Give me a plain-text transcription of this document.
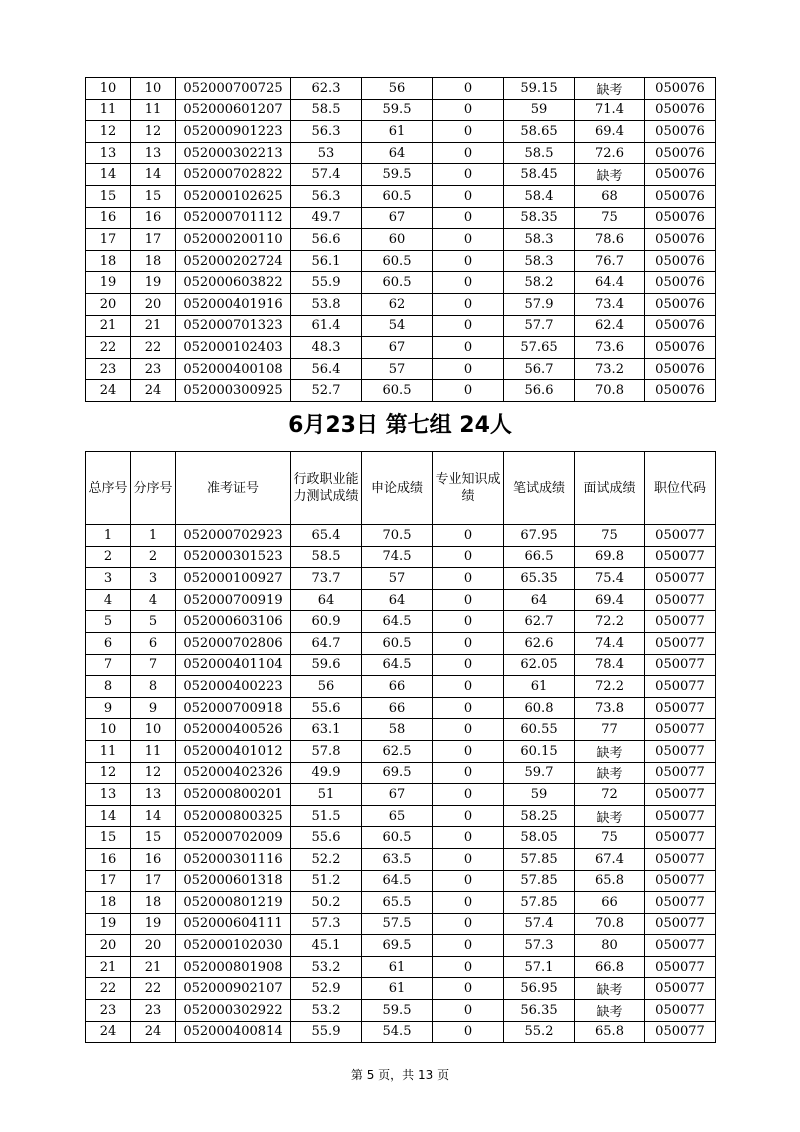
10	10	052000700725	62.3	56	0	59.15	缺考	050076
11	11	052000601207	58.5	59.5	0	59	71.4	050076
12	12	052000901223	56.3	61	0	58.65	69.4	050076
13	13	052000302213	53	64	0	58.5	72.6	050076
14	14	052000702822	57.4	59.5	0	58.45	缺考	050076
15	15	052000102625	56.3	60.5	0	58.4	68	050076
16	16	052000701112	49.7	67	0	58.35	75	050076
17	17	052000200110	56.6	60	0	58.3	78.6	050076
18	18	052000202724	56.1	60.5	0	58.3	76.7	050076
19	19	052000603822	55.9	60.5	0	58.2	64.4	050076
20	20	052000401916	53.8	62	0	57.9	73.4	050076
21	21	052000701323	61.4	54	0	57.7	62.4	050076
22	22	052000102403	48.3	67	0	57.65	73.6	050076
23	23	052000400108	56.4	57	0	56.7	73.2	050076
24	24	052000300925	52.7	60.5	0	56.6	70.8	050076
6月23日 第七组 24人
总序号	分序号	准考证号	行政职业能力测试成绩	申论成绩	专业知识成绩	笔试成绩	面试成绩	职位代码
1	1	052000702923	65.4	70.5	0	67.95	75	050077
2	2	052000301523	58.5	74.5	0	66.5	69.8	050077
3	3	052000100927	73.7	57	0	65.35	75.4	050077
4	4	052000700919	64	64	0	64	69.4	050077
5	5	052000603106	60.9	64.5	0	62.7	72.2	050077
6	6	052000702806	64.7	60.5	0	62.6	74.4	050077
7	7	052000401104	59.6	64.5	0	62.05	78.4	050077
8	8	052000400223	56	66	0	61	72.2	050077
9	9	052000700918	55.6	66	0	60.8	73.8	050077
10	10	052000400526	63.1	58	0	60.55	77	050077
11	11	052000401012	57.8	62.5	0	60.15	缺考	050077
12	12	052000402326	49.9	69.5	0	59.7	缺考	050077
13	13	052000800201	51	67	0	59	72	050077
14	14	052000800325	51.5	65	0	58.25	缺考	050077
15	15	052000702009	55.6	60.5	0	58.05	75	050077
16	16	052000301116	52.2	63.5	0	57.85	67.4	050077
17	17	052000601318	51.2	64.5	0	57.85	65.8	050077
18	18	052000801219	50.2	65.5	0	57.85	66	050077
19	19	052000604111	57.3	57.5	0	57.4	70.8	050077
20	20	052000102030	45.1	69.5	0	57.3	80	050077
21	21	052000801908	53.2	61	0	57.1	66.8	050077
22	22	052000902107	52.9	61	0	56.95	缺考	050077
23	23	052000302922	53.2	59.5	0	56.35	缺考	050077
24	24	052000400814	55.9	54.5	0	55.2	65.8	050077
第 5 页，共 13 页
